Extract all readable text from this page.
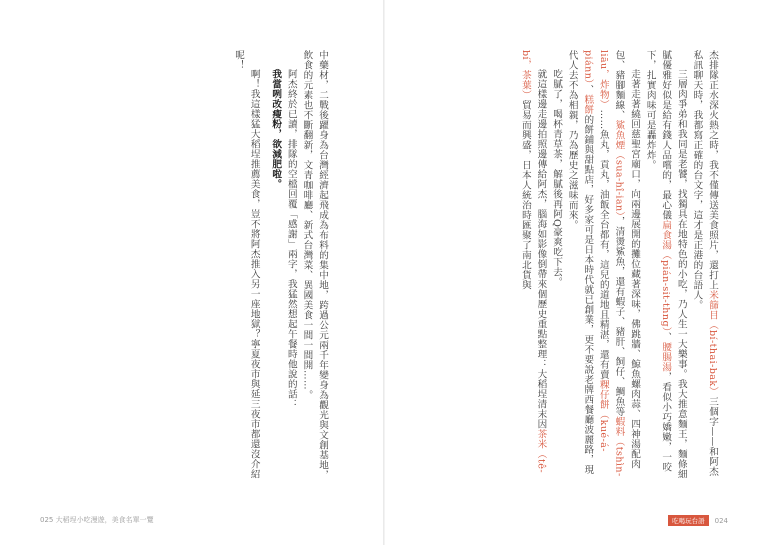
杰排隊正水深火熱之時，我不僅傳送美食照片，還打上米篩目（bí-thai-bak）三個字——和阿杰私訊聊天時，我都寫正確的台文字，這才是正港的台語人。

三層肉爭弟和我同是老饕，找獨具在地特色的小吃，乃人生一大樂事。我大推意麵王，麵條細膩優雅好似是給有錢人品嚐的，最心儀扁食湯（pián-sit-thng）、腰腸湯，看似小巧嬌嫩，一咬下，扎實肉味可是轟炸炸。

走著走著繞回慈聖宮廟口，向兩邊展開的攤位藏著深味，佛跳牆、鯨魚螺肉蒜、四神湯配肉包、豬腳麵線、鯊魚煙（sua-hî-ian），清燙鯊魚，還有蝦子、豬肝、飼仔、鯛魚等蝦料（tshìn-liāu，炸物）……魚丸，貢丸，油飯全台都有，這兒的道地且精湛，還有賣粿仔餅（kué-á-piánn）、糕餅的餅鋪與甜點店，好多家可是日本時代就已創業，更不要說老牌西餐廳波麗路，現代人去不為相親，乃為歷史之滋味而來。

吃膩了，喝杯青草茶，解膩後再阿Q豪爽吃下去。

就這樣邊走邊拍照邊傳給阿杰，腦海如影像倒帶來個歷史重點整理：大稻埕清末因茶米（tê-bí，茶葉）貿易而興盛，日本人統治時匯聚了南北貨與

中藥材，二戰後躍身為台灣經濟起飛成為布料的集中地，跨過公元兩千年變身為觀光與文創基地，飲食的元素也不斷翻新，文青咖啡廳、新式台灣菜、異國美食一間一間開……。

阿杰終於已讀，排隊的空檔回覆「感謝」兩字，我猛然想起午餐時他說的話：

我當咧改瘦粉，欲減肥啦。

啊！我這樣猛大稻埕推薦美食，豈不將阿杰推入另一座地獄？寧夏夜市與延三夜市都還沒介紹呢！

025 大稻埕小吃漫遊，美食名單一覽	吃喝玩台語	024
